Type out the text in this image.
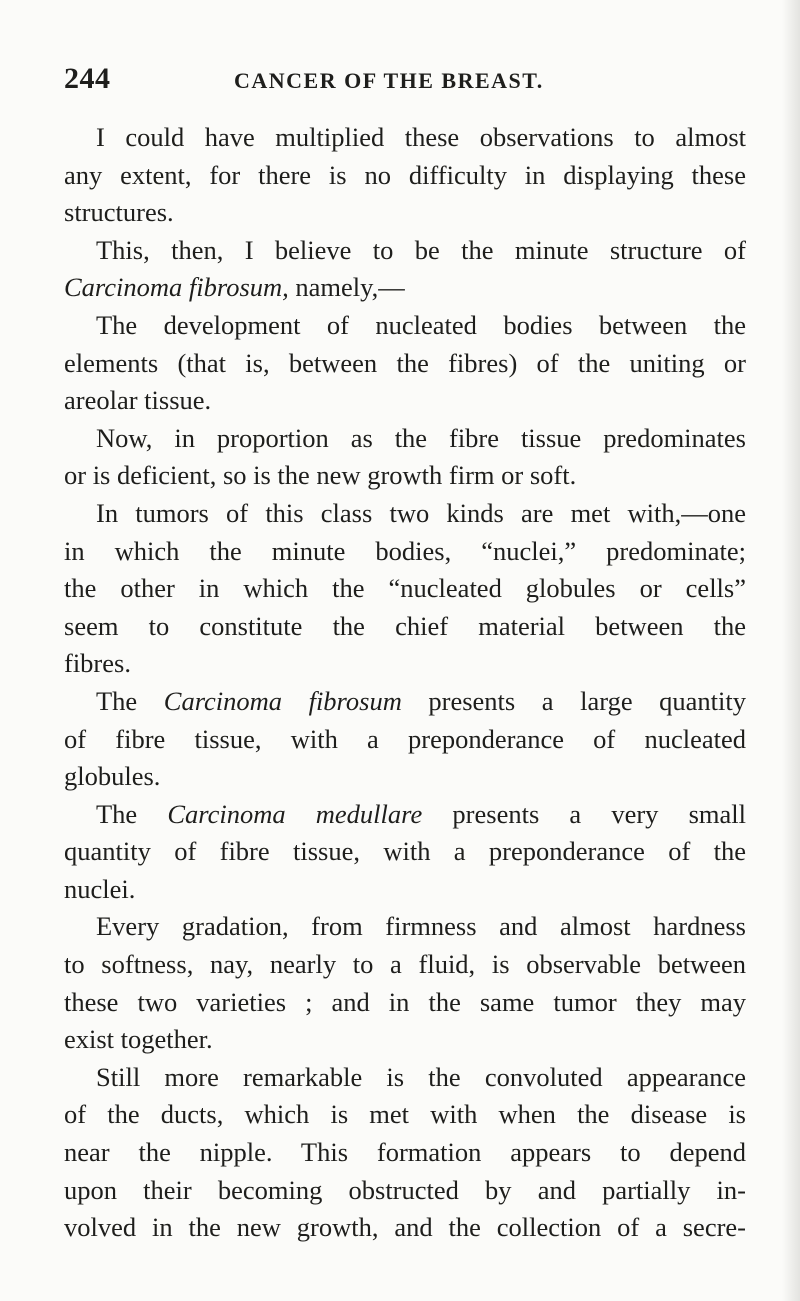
244	CANCER OF THE BREAST.
I could have multiplied these observations to almost
any extent, for there is no difficulty in displaying these
structures.
This, then, I believe to be the minute structure of
Carcinoma fibrosum, namely,—
The development of nucleated bodies between the
elements (that is, between the fibres) of the uniting or
areolar tissue.
Now, in proportion as the fibre tissue predominates
or is deficient, so is the new growth firm or soft.
In tumors of this class two kinds are met with,—one
in which the minute bodies, “nuclei,” predominate;
the other in which the “nucleated globules or cells”
seem to constitute the chief material between the
fibres.
The Carcinoma fibrosum presents a large quantity
of fibre tissue, with a preponderance of nucleated
globules.
The Carcinoma medullare presents a very small
quantity of fibre tissue, with a preponderance of the
nuclei.
Every gradation, from firmness and almost hardness
to softness, nay, nearly to a fluid, is observable between
these two varieties ; and in the same tumor they may
exist together.
Still more remarkable is the convoluted appearance
of the ducts, which is met with when the disease is
near the nipple. This formation appears to depend
upon their becoming obstructed by and partially in-
volved in the new growth, and the collection of a secre-
